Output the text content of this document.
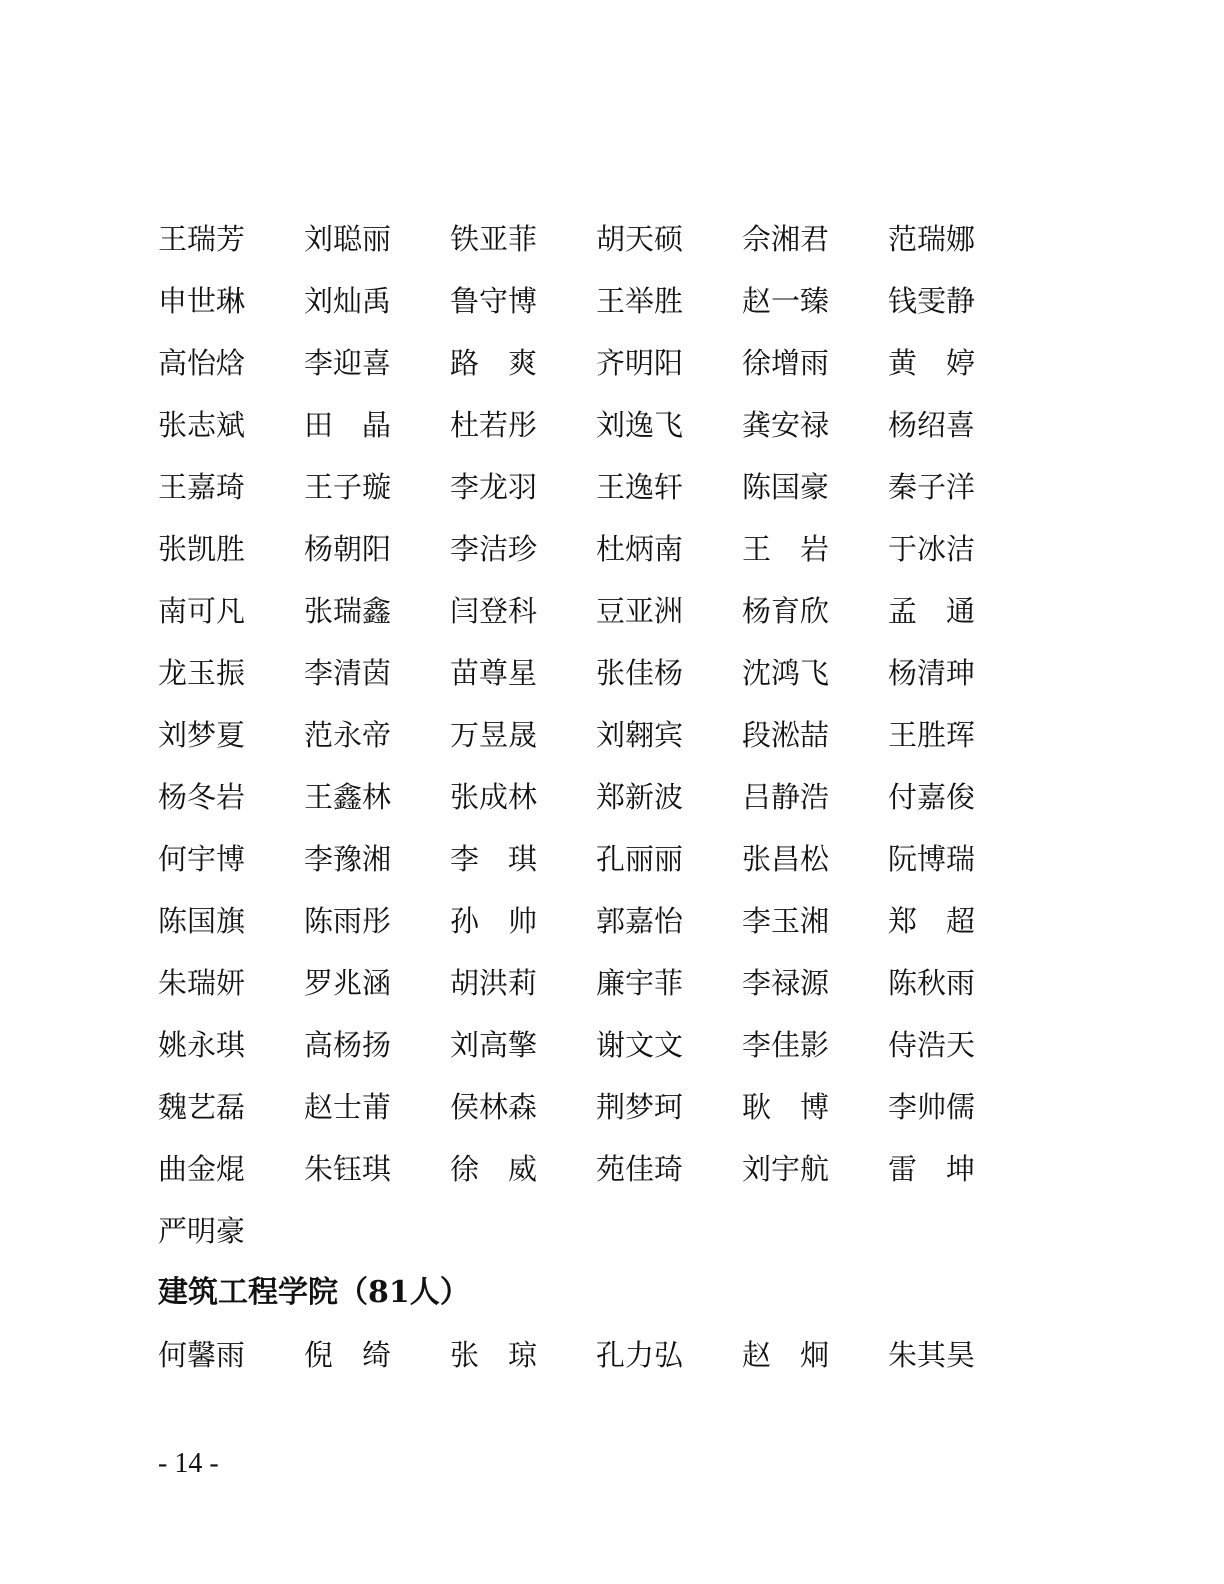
王瑞芳	刘聪丽	铁亚菲	胡天硕	佘湘君	范瑞娜
申世琳	刘灿禹	鲁守博	王举胜	赵一臻	钱雯静
高怡焓	李迎喜	路　爽	齐明阳	徐增雨	黄　婷
张志斌	田　晶	杜若彤	刘逸飞	龚安禄	杨绍喜
王嘉琦	王子璇	李龙羽	王逸轩	陈国豪	秦子洋
张凯胜	杨朝阳	李洁珍	杜炳南	王　岩	于冰洁
南可凡	张瑞鑫	闫登科	豆亚洲	杨育欣	孟　通
龙玉振	李清茵	苗尊星	张佳杨	沈鸿飞	杨清珅
刘梦夏	范永帝	万昱晟	刘翱宾	段淞喆	王胜珲
杨冬岩	王鑫林	张成林	郑新波	吕静浩	付嘉俊
何宇博	李豫湘	李　琪	孔丽丽	张昌松	阮博瑞
陈国旗	陈雨彤	孙　帅	郭嘉怡	李玉湘	郑　超
朱瑞妍	罗兆涵	胡洪莉	廉宇菲	李禄源	陈秋雨
姚永琪	高杨扬	刘高擎	谢文文	李佳影	侍浩天
魏艺磊	赵士莆	侯林森	荆梦珂	耿　博	李帅儒
曲金焜	朱钰琪	徐　威	苑佳琦	刘宇航	雷　坤
严明豪
建筑工程学院（81人）
何馨雨	倪　绮	张　琼	孔力弘	赵　炯	朱其昊
- 14 -
